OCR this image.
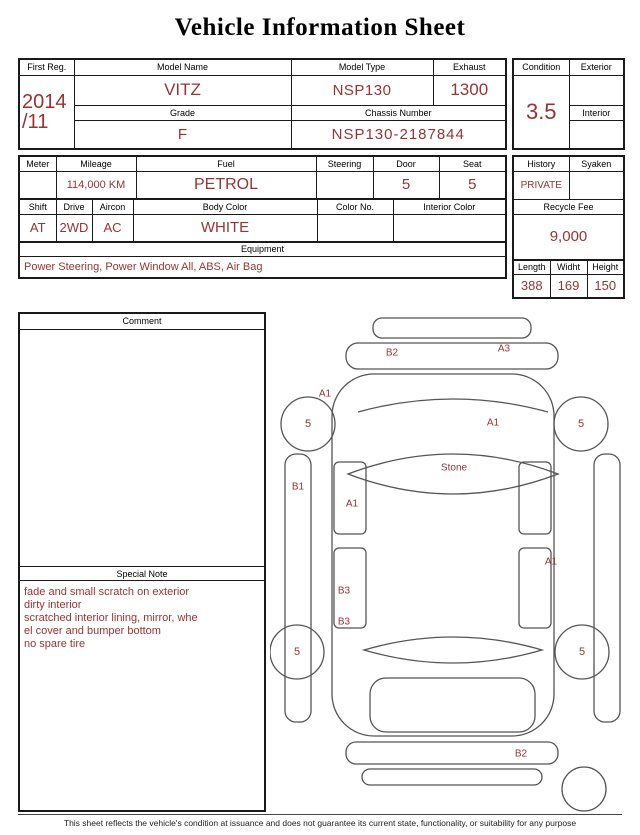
Vehicle Information Sheet
First Reg.	Model Name	Model Type	Exhaust

2014
/11	VITZ	NSP130	1300
	Grade	Chassis Number	
	F	NSP130-2187844	
Condition	Exterior
3.5	
	Interior

Meter	Mileage	Fuel	Steering	Door	Seat
	114,000 KM	PETROL		5	5
Shift	Drive	Aircon	Body Color	Color No.	Interior Color
AT	2WD	AC	WHITE		
Equipment
Power Steering, Power Window All, ABS, Air Bag
History	Syaken
PRIVATE	
Recycle Fee	
9,000	
Length	Widht	Height
388	169	150
Comment
Special Note
fade and small scratch on exterior
dirty interior
scratched interior lining, mirror, whe
el cover and bumper bottom
no spare tire
B2	A3
A1
A1
5	5
B1
A1
Stone
A1
B3
B3
5	5
B2
This sheet reflects the vehicle's condition at issuance and does not guarantee its current state, functionality, or suitability for any purpose
